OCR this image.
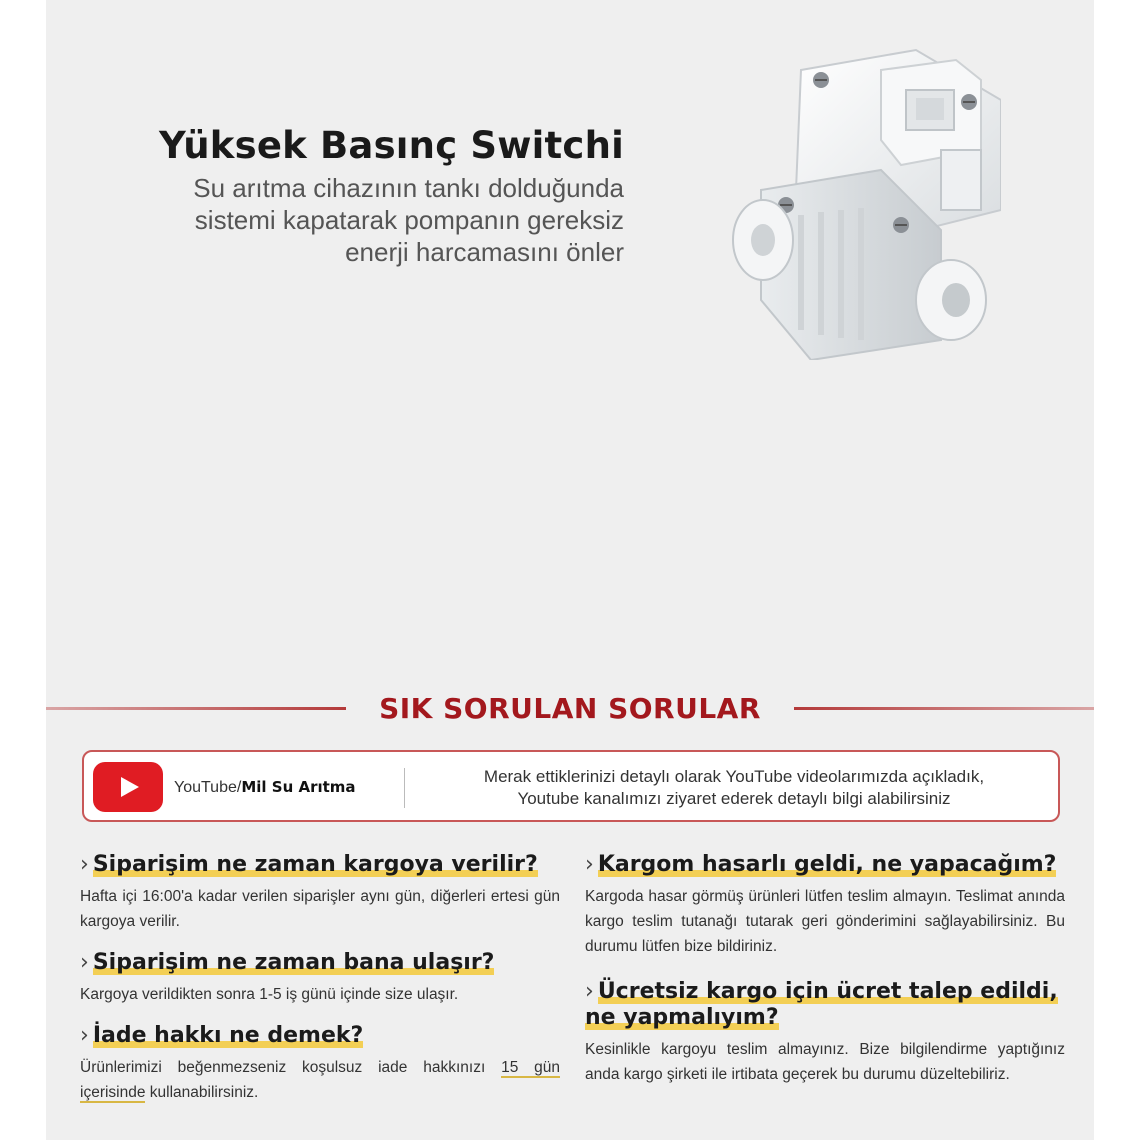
Yüksek Basınç Switchi
Su arıtma cihazının tankı dolduğunda
sistemi kapatarak pompanın gereksiz
enerji harcamasını önler
SIK SORULAN SORULAR
YouTube/Mil Su Arıtma
Merak ettiklerinizi detaylı olarak YouTube videolarımızda açıkladık,
Youtube kanalımızı ziyaret ederek detaylı bilgi alabilirsiniz
› Siparişim ne zaman kargoya verilir?
Hafta içi 16:00'a kadar verilen siparişler aynı gün, diğerleri ertesi gün kargoya verilir.
› Siparişim ne zaman bana ulaşır?
Kargoya verildikten sonra 1-5 iş günü içinde size ulaşır.
› İade hakkı ne demek?
Ürünlerimizi beğenmezseniz koşulsuz iade hakkınızı 15 gün içerisinde kullanabilirsiniz.
› Kargom hasarlı geldi, ne yapacağım?
Kargoda hasar görmüş ürünleri lütfen teslim almayın. Teslimat anında kargo teslim tutanağı tutarak geri gönderimini sağlayabilirsiniz. Bu durumu lütfen bize bildiriniz.
› Ücretsiz kargo için ücret talep edildi, ne yapmalıyım?
Kesinlikle kargoyu teslim almayınız. Bize bilgilendirme yaptığınız anda kargo şirketi ile irtibata geçerek bu durumu düzeltebiliriz.
